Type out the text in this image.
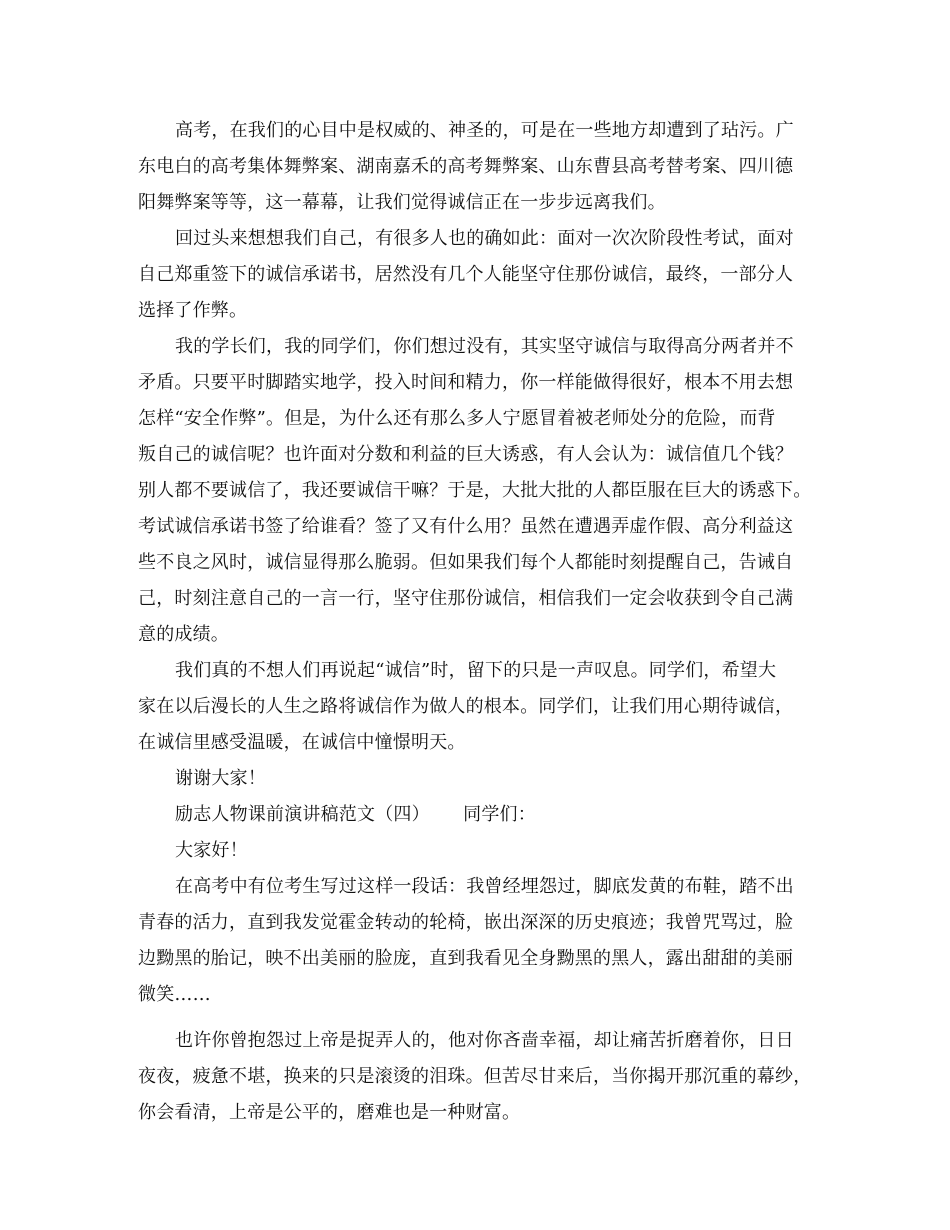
高考，在我们的心目中是权威的、神圣的，可是在一些地方却遭到了玷污。广
东电白的高考集体舞弊案、湖南嘉禾的高考舞弊案、山东曹县高考替考案、四川德
阳舞弊案等等，这一幕幕，让我们觉得诚信正在一步步远离我们。
回过头来想想我们自己，有很多人也的确如此：面对一次次阶段性考试，面对
自己郑重签下的诚信承诺书，居然没有几个人能坚守住那份诚信，最终，一部分人
选择了作弊。
我的学长们，我的同学们，你们想过没有，其实坚守诚信与取得高分两者并不
矛盾。只要平时脚踏实地学，投入时间和精力，你一样能做得很好，根本不用去想
怎样“安全作弊”。但是，为什么还有那么多人宁愿冒着被老师处分的危险，而背
叛自己的诚信呢？也许面对分数和利益的巨大诱惑，有人会认为：诚信值几个钱？
别人都不要诚信了，我还要诚信干嘛？于是，大批大批的人都臣服在巨大的诱惑下。
考试诚信承诺书签了给谁看？签了又有什么用？虽然在遭遇弄虚作假、高分利益这
些不良之风时，诚信显得那么脆弱。但如果我们每个人都能时刻提醒自己，告诫自
己，时刻注意自己的一言一行，坚守住那份诚信，相信我们一定会收获到令自己满
意的成绩。
我们真的不想人们再说起“诚信”时，留下的只是一声叹息。同学们，希望大
家在以后漫长的人生之路将诚信作为做人的根本。同学们，让我们用心期待诚信，
在诚信里感受温暖，在诚信中憧憬明天。
谢谢大家！
励志人物课前演讲稿范文（四）　　 同学们：
大家好！
在高考中有位考生写过这样一段话：我曾经埋怨过，脚底发黄的布鞋，踏不出
青春的活力，直到我发觉霍金转动的轮椅，嵌出深深的历史痕迹；我曾咒骂过，脸
边黝黑的胎记，映不出美丽的脸庞，直到我看见全身黝黑的黑人，露出甜甜的美丽
微笑……
也许你曾抱怨过上帝是捉弄人的，他对你吝啬幸福，却让痛苦折磨着你，日日
夜夜，疲惫不堪，换来的只是滚烫的泪珠。但苦尽甘来后，当你揭开那沉重的幕纱，
你会看清，上帝是公平的，磨难也是一种财富。
